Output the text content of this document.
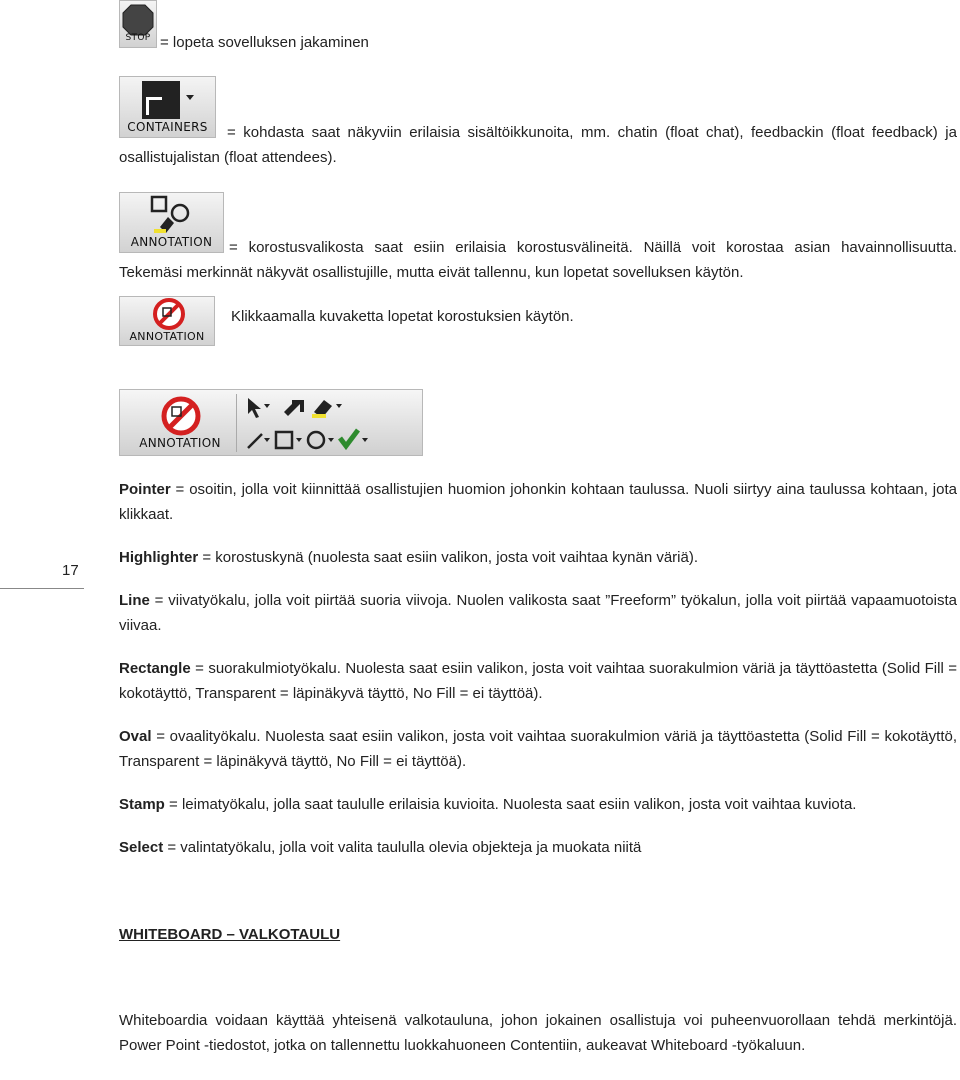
STOP = lopeta sovelluksen jakaminen
CONTAINERS	= kohdasta saat näkyviin erilaisia sisältöikkunoita, mm. chatin (float chat), feedbackin (float feedback) ja osallistujalistan (float attendees).
ANNOTATION	= korostusvalikosta saat esiin erilaisia korostusvälineitä. Näillä voit korostaa asian havainnollisuutta. Tekemäsi merkinnät näkyvät osallistujille, mutta eivät tallennu, kun lopetat sovelluksen käytön.
ANNOTATION
Klikkaamalla kuvaketta lopetat korostuksien käytön.
ANNOTATION
Pointer = osoitin, jolla voit kiinnittää osallistujien huomion johonkin kohtaan taulussa. Nuoli siirtyy aina taulussa kohtaan, jota klikkaat.
Highlighter = korostuskynä (nuolesta saat esiin valikon, josta voit vaihtaa kynän väriä).
Line = viivatyökalu, jolla voit piirtää suoria viivoja. Nuolen valikosta saat ”Freeform” työkalun, jolla voit piirtää vapaamuotoista viivaa.
Rectangle = suorakulmiotyökalu. Nuolesta saat esiin valikon, josta voit vaihtaa suorakulmion väriä ja täyttöastetta (Solid Fill = kokotäyttö, Transparent = läpinäkyvä täyttö, No Fill = ei täyttöä).
Oval = ovaalityökalu. Nuolesta saat esiin valikon, josta voit vaihtaa suorakulmion väriä ja täyttöastetta (Solid Fill = kokotäyttö, Transparent = läpinäkyvä täyttö, No Fill = ei täyttöä).
Stamp = leimatyökalu, jolla saat taululle erilaisia kuvioita. Nuolesta saat esiin valikon, josta voit vaihtaa kuviota.
Select = valintatyökalu, jolla voit valita taululla olevia objekteja ja muokata niitä
WHITEBOARD – VALKOTAULU
Whiteboardia voidaan käyttää yhteisenä valkotauluna, johon jokainen osallistuja voi puheenvuorollaan tehdä merkintöjä. Power Point -tiedostot, jotka on tallennettu luokkahuoneen Contentiin, aukeavat Whiteboard -työkaluun.
17
